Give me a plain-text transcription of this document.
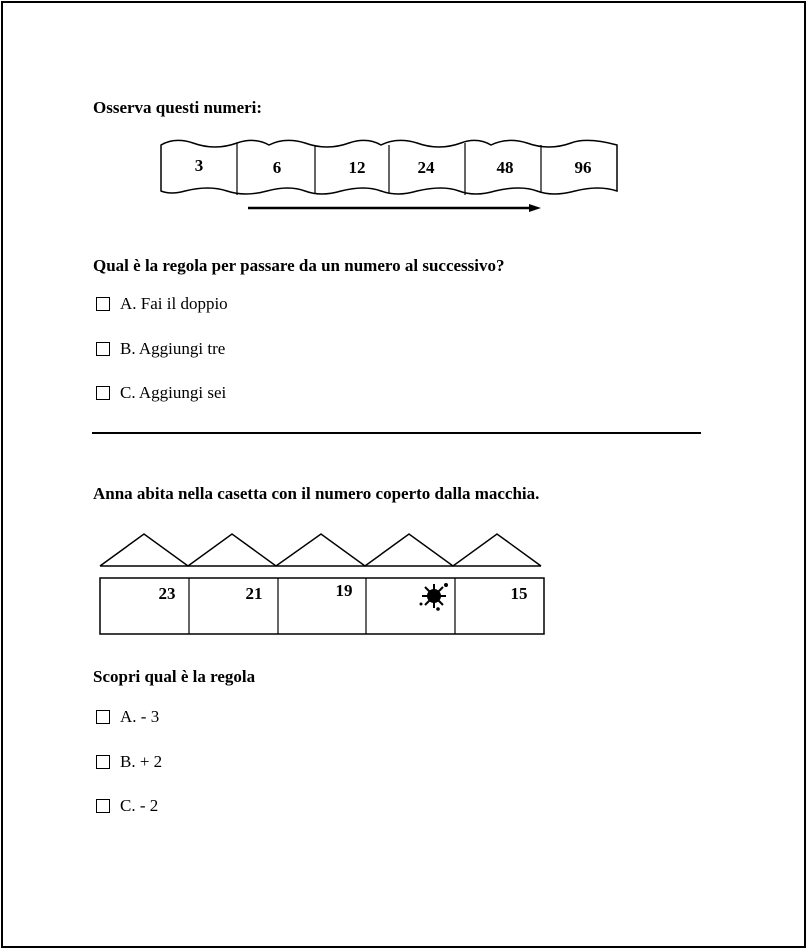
Osserva questi numeri:
3	6	12	24	48	96
Qual è la regola per passare da un numero al successivo?
A. Fai il doppio
B. Aggiungi tre
C. Aggiungi sei
Anna abita nella casetta con il numero coperto dalla macchia.
23	21	19	15
Scopri qual è la regola
A. - 3
B. + 2
C. - 2
